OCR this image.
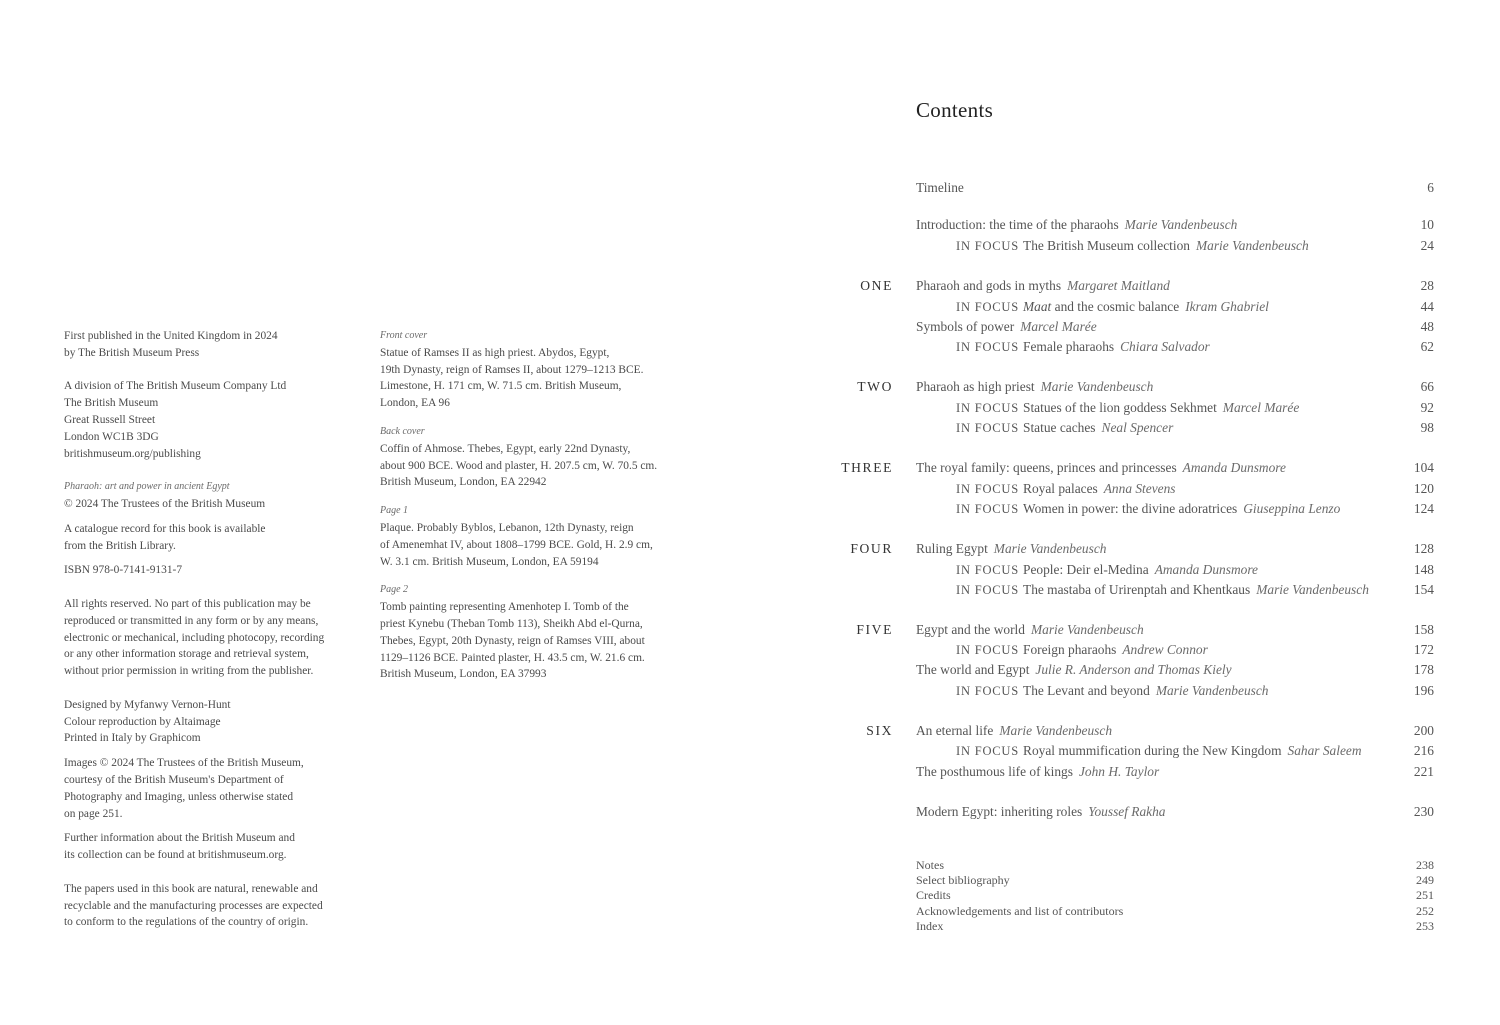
First published in the United Kingdom in 2024

by The British Museum Press

A division of The British Museum Company Ltd

The British Museum

Great Russell Street

London WC1B 3DG

britishmuseum.org/publishing

Pharaoh: art and power in ancient Egypt

© 2024 The Trustees of the British Museum

A catalogue record for this book is available

from the British Library.

ISBN 978-0-7141-9131-7

All rights reserved. No part of this publication may be

reproduced or transmitted in any form or by any means,

electronic or mechanical, including photocopy, recording

or any other information storage and retrieval system,

without prior permission in writing from the publisher.

Designed by Myfanwy Vernon-Hunt

Colour reproduction by Altaimage

Printed in Italy by Graphicom

Images © 2024 The Trustees of the British Museum,

courtesy of the British Museum's Department of

Photography and Imaging, unless otherwise stated

on page 251.

Further information about the British Museum and

its collection can be found at britishmuseum.org.

The papers used in this book are natural, renewable and

recyclable and the manufacturing processes are expected

to conform to the regulations of the country of origin.

Front cover

Statue of Ramses II as high priest. Abydos, Egypt,

19th Dynasty, reign of Ramses II, about 1279–1213 BCE.

Limestone, H. 171 cm, W. 71.5 cm. British Museum,

London, EA 96

Back cover

Coffin of Ahmose. Thebes, Egypt, early 22nd Dynasty,

about 900 BCE. Wood and plaster, H. 207.5 cm, W. 70.5 cm.

British Museum, London, EA 22942

Page 1

Plaque. Probably Byblos, Lebanon, 12th Dynasty, reign

of Amenemhat IV, about 1808–1799 BCE. Gold, H. 2.9 cm,

W. 3.1 cm. British Museum, London, EA 59194

Page 2

Tomb painting representing Amenhotep I. Tomb of the

priest Kynebu (Theban Tomb 113), Sheikh Abd el-Qurna,

Thebes, Egypt, 20th Dynasty, reign of Ramses VIII, about

1129–1126 BCE. Painted plaster, H. 43.5 cm, W. 21.6 cm.

British Museum, London, EA 37993

Contents
Timeline	6
Introduction: the time of the pharaohs Marie Vandenbeusch	10
IN FOCUS The British Museum collection Marie Vandenbeusch	24
ONE Pharaoh and gods in myths Margaret Maitland	28
IN FOCUS Maat and the cosmic balance Ikram Ghabriel	44
Symbols of power Marcel Marée	48
IN FOCUS Female pharaohs Chiara Salvador	62
TWO Pharaoh as high priest Marie Vandenbeusch	66
IN FOCUS Statues of the lion goddess Sekhmet Marcel Marée	92
IN FOCUS Statue caches Neal Spencer	98
THREE The royal family: queens, princes and princesses Amanda Dunsmore	104
IN FOCUS Royal palaces Anna Stevens	120
IN FOCUS Women in power: the divine adoratrices Giuseppina Lenzo	124
FOUR Ruling Egypt Marie Vandenbeusch	128
IN FOCUS People: Deir el-Medina Amanda Dunsmore	148
IN FOCUS The mastaba of Urirenptah and Khentkaus Marie Vandenbeusch	154
FIVE Egypt and the world Marie Vandenbeusch	158
IN FOCUS Foreign pharaohs Andrew Connor	172
The world and Egypt Julie R. Anderson and Thomas Kiely	178
IN FOCUS The Levant and beyond Marie Vandenbeusch	196
SIX An eternal life Marie Vandenbeusch	200
IN FOCUS Royal mummification during the New Kingdom Sahar Saleem	216
The posthumous life of kings John H. Taylor	221
Modern Egypt: inheriting roles Youssef Rakha	230
Notes	238
Select bibliography	249
Credits	251
Acknowledgements and list of contributors	252
Index	253
